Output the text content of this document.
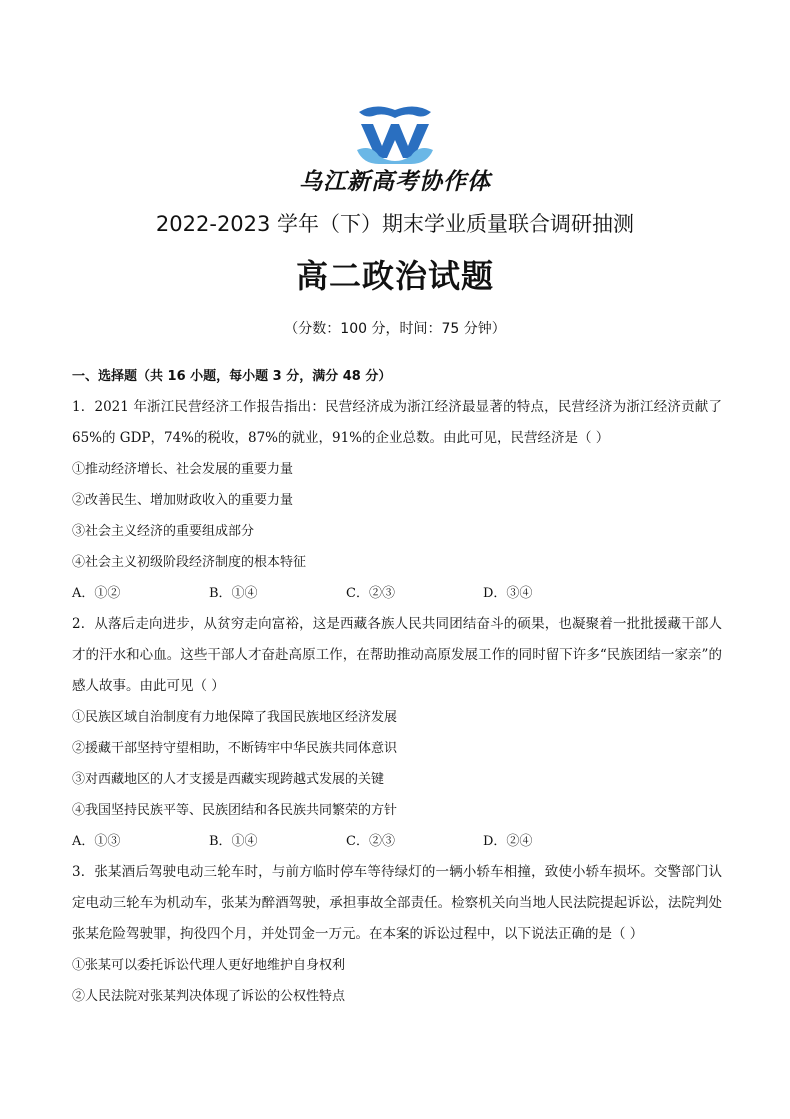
乌江新高考协作体
2022-2023 学年（下）期末学业质量联合调研抽测
高二政治试题
（分数：100 分，时间：75 分钟）
一、选择题（共 16 小题，每小题 3 分，满分 48 分）
1．2021 年浙江民营经济工作报告指出：民营经济成为浙江经济最显著的特点，民营经济为浙江经济贡献了 65%的 GDP，74%的税收，87%的就业，91%的企业总数。由此可见，民营经济是（ ）
①推动经济增长、社会发展的重要力量
②改善民生、增加财政收入的重要力量
③社会主义经济的重要组成部分
④社会主义初级阶段经济制度的根本特征
A．①②	B．①④	C．②③	D．③④
2．从落后走向进步，从贫穷走向富裕，这是西藏各族人民共同团结奋斗的硕果，也凝聚着一批批援藏干部人才的汗水和心血。这些干部人才奋赴高原工作，在帮助推动高原发展工作的同时留下许多“民族团结一家亲”的感人故事。由此可见（ ）
①民族区域自治制度有力地保障了我国民族地区经济发展
②援藏干部坚持守望相助，不断铸牢中华民族共同体意识
③对西藏地区的人才支援是西藏实现跨越式发展的关键
④我国坚持民族平等、民族团结和各民族共同繁荣的方针
A．①③	B．①④	C．②③	D．②④
3．张某酒后驾驶电动三轮车时，与前方临时停车等待绿灯的一辆小轿车相撞，致使小轿车损坏。交警部门认定电动三轮车为机动车，张某为醉酒驾驶，承担事故全部责任。检察机关向当地人民法院提起诉讼，法院判处张某危险驾驶罪，拘役四个月，并处罚金一万元。在本案的诉讼过程中，以下说法正确的是（ ）
①张某可以委托诉讼代理人更好地维护自身权利
②人民法院对张某判决体现了诉讼的公权性特点
